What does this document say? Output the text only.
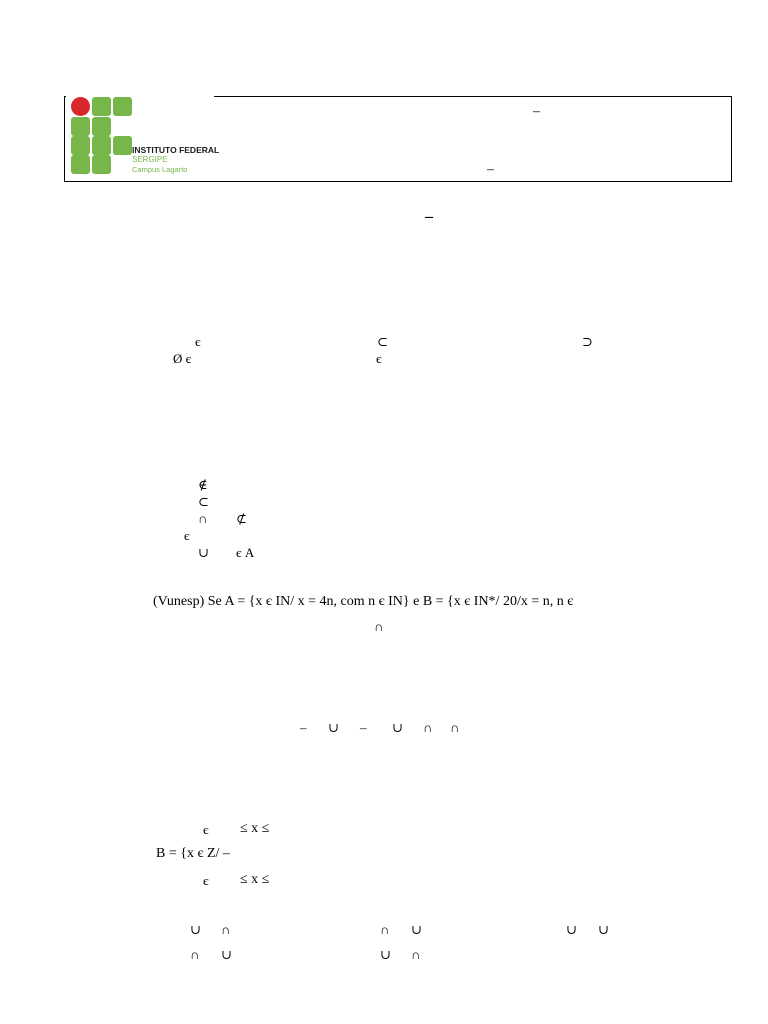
INSTITUTO FEDERAL
SERGIPE
Campus Lagarto
–
–
–
є	⊂	⊃
Ø є	є
∉
⊂
∩ ⊄
є
∪ є A
(Vunesp) Se A = {x є IN/ x = 4n, com n є IN} e B = {x є IN*/ 20/x = n, n є
∩
– ∪ – ∪ ∩ ∩
є ≤ x ≤
B = {x є Z/ –
є ≤ x ≤
∪ ∩	∩ ∪	∪ ∪
∩ ∪	∪ ∩
